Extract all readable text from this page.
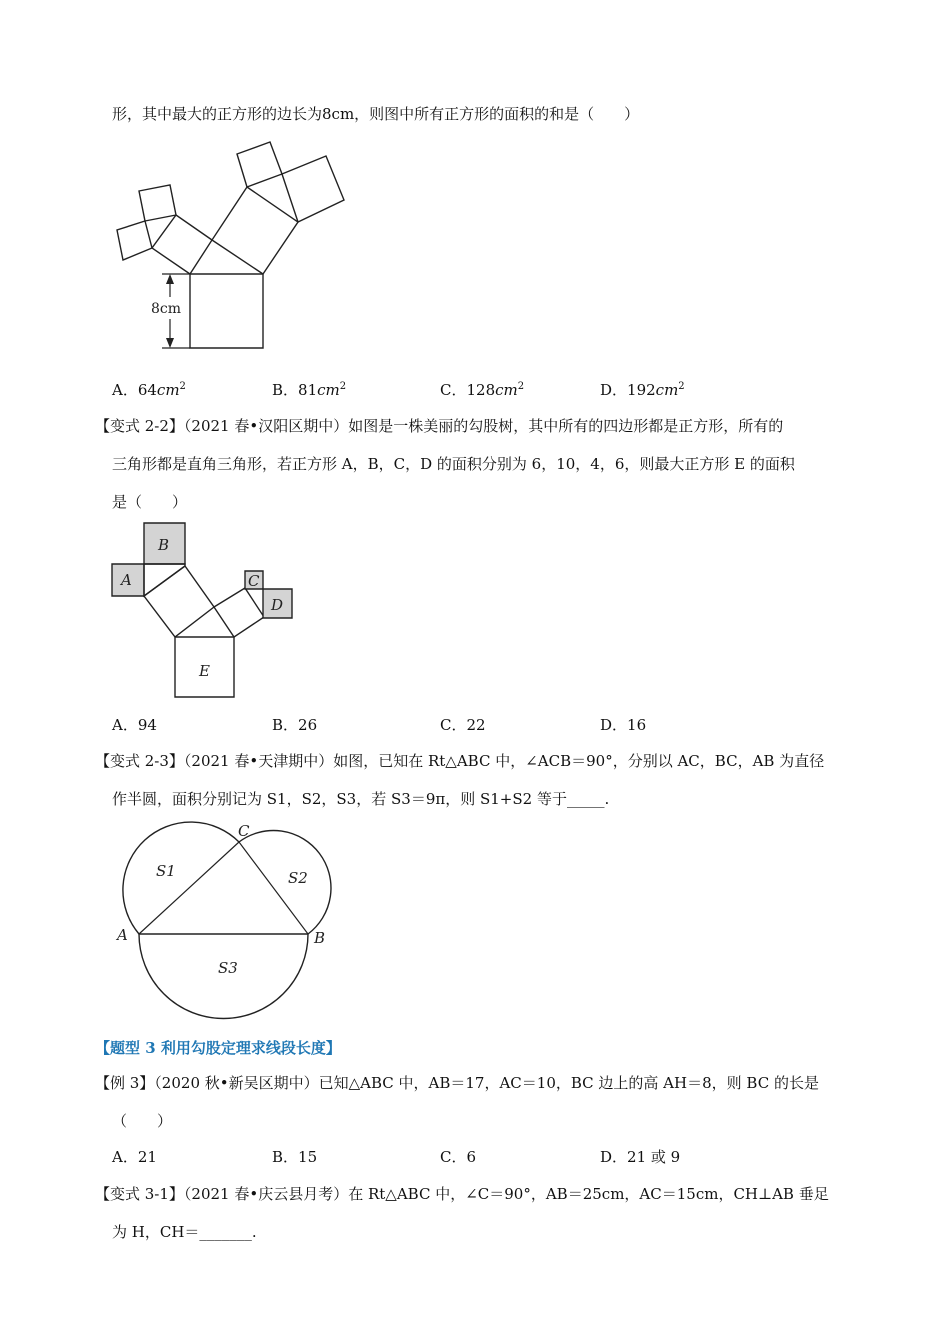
形，其中最大的正方形的边长为8cm，则图中所有正方形的面积的和是（　　）
8cm
A．$64cm^2$	B．$81cm^2$	C．$128cm^2$	D．$192cm^2$
【变式 2-2】（2021 春•汉阳区期中）如图是一株美丽的勾股树，其中所有的四边形都是正方形，所有的
三角形都是直角三角形，若正方形 A，B，C，D 的面积分别为 6，10，4，6，则最大正方形 E 的面积
是（　　）
A
B
C
D
E
A．94	B．26	C．22	D．16
【变式 2-3】（2021 春•天津期中）如图，已知在 Rt△ABC 中，∠ACB＝90°，分别以 AC，BC，AB 为直径
作半圆，面积分别记为 S1，S2，S3，若 S3＝9π，则 S1+S2 等于_____.
A	B
C
S1	S2
S3
【题型 3 利用勾股定理求线段长度】
【例 3】（2020 秋•新吴区期中）已知△ABC 中，AB＝17，AC＝10，BC 边上的高 AH＝8，则 BC 的长是
（　　）
A．21	B．15	C．6	D．21 或 9
【变式 3-1】（2021 春•庆云县月考）在 Rt△ABC 中，∠C＝90°，AB＝25cm，AC＝15cm，CH⊥AB 垂足
为 H，CH＝_______.
